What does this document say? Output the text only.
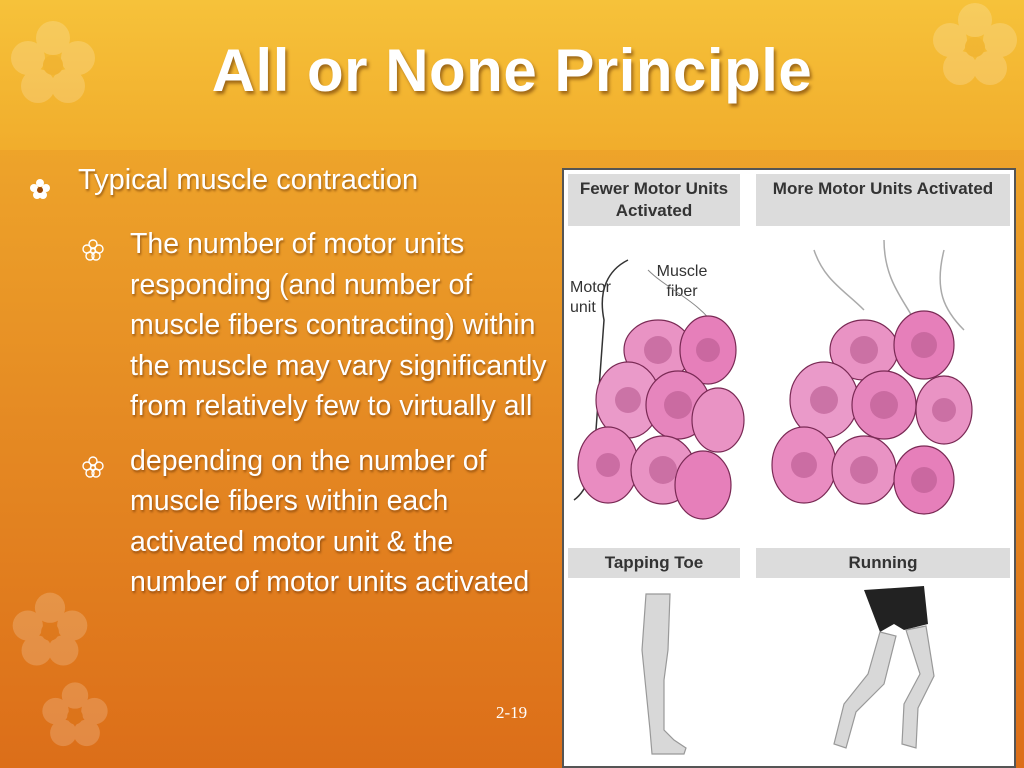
All or None Principle
Typical muscle contraction
The number of motor units responding (and number of muscle fibers contracting) within the muscle may vary significantly from relatively few to virtually all
depending on the number of muscle fibers within each activated motor unit & the number of motor units activated
2-19
Fewer Motor Units Activated
More Motor Units Activated
Motor unit
Muscle fiber
Tapping Toe	Running
